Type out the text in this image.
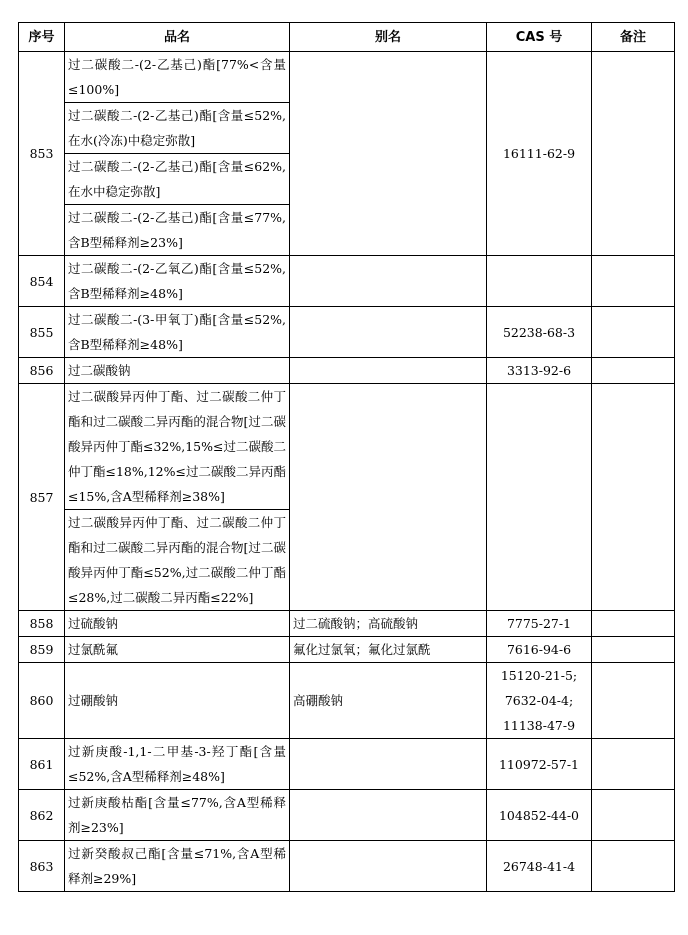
序号	品名	别名	CAS 号	备注
853	过二碳酸二-(2-乙基己)酯[77%<含量≤100%]		16111-62-9	
	过二碳酸二-(2-乙基己)酯[含量≤52%,在水(冷冻)中稳定弥散]			
	过二碳酸二-(2-乙基己)酯[含量≤62%,在水中稳定弥散]			
	过二碳酸二-(2-乙基己)酯[含量≤77%,含B型稀释剂≥23%]			
854	过二碳酸二-(2-乙氧乙)酯[含量≤52%,含B型稀释剂≥48%]			
855	过二碳酸二-(3-甲氧丁)酯[含量≤52%,含B型稀释剂≥48%]		52238-68-3	
856	过二碳酸钠		3313-92-6	
857	过二碳酸异丙仲丁酯、过二碳酸二仲丁酯和过二碳酸二异丙酯的混合物[过二碳酸异丙仲丁酯≤32%,15%≤过二碳酸二仲丁酯≤18%,12%≤过二碳酸二异丙酯≤15%,含A型稀释剂≥38%]			
	过二碳酸异丙仲丁酯、过二碳酸二仲丁酯和过二碳酸二异丙酯的混合物[过二碳酸异丙仲丁酯≤52%,过二碳酸二仲丁酯≤28%,过二碳酸二异丙酯≤22%]			
858	过硫酸钠	过二硫酸钠；高硫酸钠	7775-27-1	
859	过氯酰氟	氟化过氯氧；氟化过氯酰	7616-94-6	
860	过硼酸钠	高硼酸钠	15120-21-5;
7632-04-4;
11138-47-9	

861	过新庚酸-1,1-二甲基-3-羟丁酯[含量≤52%,含A型稀释剂≥48%]		110972-57-1	
862	过新庚酸枯酯[含量≤77%,含A型稀释剂≥23%]		104852-44-0	
863	过新癸酸叔己酯[含量≤71%,含A型稀释剂≥29%]		26748-41-4	
